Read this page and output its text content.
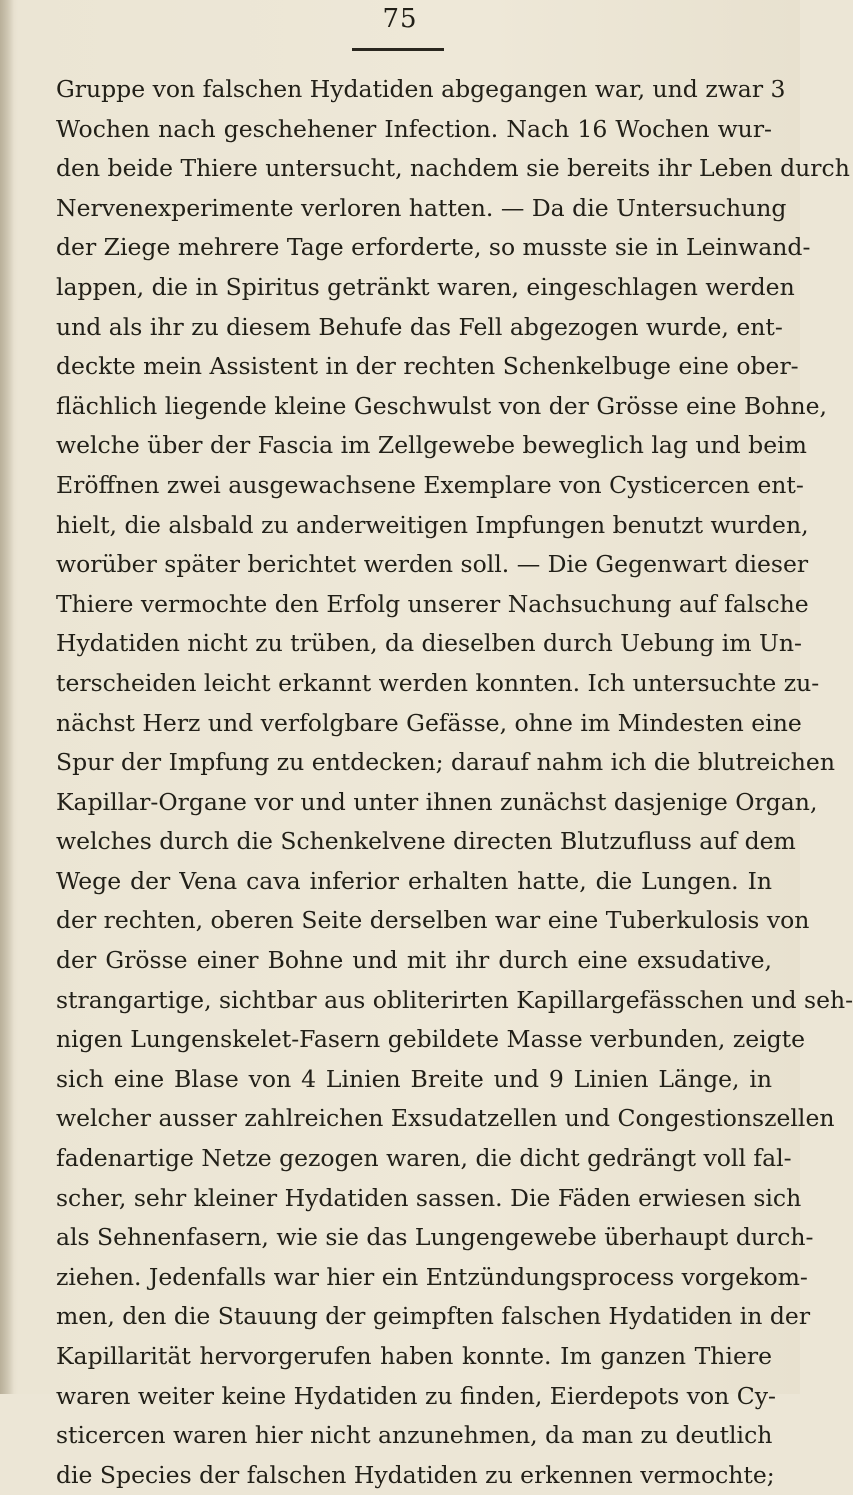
75
Gruppe von falschen Hydatiden abgegangen war, und zwar 3
Wochen nach geschehener Infection. Nach 16 Wochen wur-
den beide Thiere untersucht, nachdem sie bereits ihr Leben durch
Nervenexperimente verloren hatten. — Da die Untersuchung
der Ziege mehrere Tage erforderte, so musste sie in Leinwand-
lappen, die in Spiritus getränkt waren, eingeschlagen werden
und als ihr zu diesem Behufe das Fell abgezogen wurde, ent-
deckte mein Assistent in der rechten Schenkelbuge eine ober-
flächlich liegende kleine Geschwulst von der Grösse eine Bohne,
welche über der Fascia im Zellgewebe beweglich lag und beim
Eröffnen zwei ausgewachsene Exemplare von Cysticercen ent-
hielt, die alsbald zu anderweitigen Impfungen benutzt wurden,
worüber später berichtet werden soll. — Die Gegenwart dieser
Thiere vermochte den Erfolg unserer Nachsuchung auf falsche
Hydatiden nicht zu trüben, da dieselben durch Uebung im Un-
terscheiden leicht erkannt werden konnten. Ich untersuchte zu-
nächst Herz und verfolgbare Gefässe, ohne im Mindesten eine
Spur der Impfung zu entdecken; darauf nahm ich die blutreichen
Kapillar-Organe vor und unter ihnen zunächst dasjenige Organ,
welches durch die Schenkelvene directen Blutzufluss auf dem
Wege der Vena cava inferior erhalten hatte, die Lungen. In
der rechten, oberen Seite derselben war eine Tuberkulosis von
der Grösse einer Bohne und mit ihr durch eine exsudative,
strangartige, sichtbar aus obliterirten Kapillargefässchen und seh-
nigen Lungenskelet-Fasern gebildete Masse verbunden, zeigte
sich eine Blase von 4 Linien Breite und 9 Linien Länge, in
welcher ausser zahlreichen Exsudatzellen und Congestionszellen
fadenartige Netze gezogen waren, die dicht gedrängt voll fal-
scher, sehr kleiner Hydatiden sassen. Die Fäden erwiesen sich
als Sehnenfasern, wie sie das Lungengewebe überhaupt durch-
ziehen. Jedenfalls war hier ein Entzündungsprocess vorgekom-
men, den die Stauung der geimpften falschen Hydatiden in der
Kapillarität hervorgerufen haben konnte. Im ganzen Thiere
waren weiter keine Hydatiden zu finden, Eierdepots von Cy-
sticercen waren hier nicht anzunehmen, da man zu deutlich
die Species der falschen Hydatiden zu erkennen vermochte;
